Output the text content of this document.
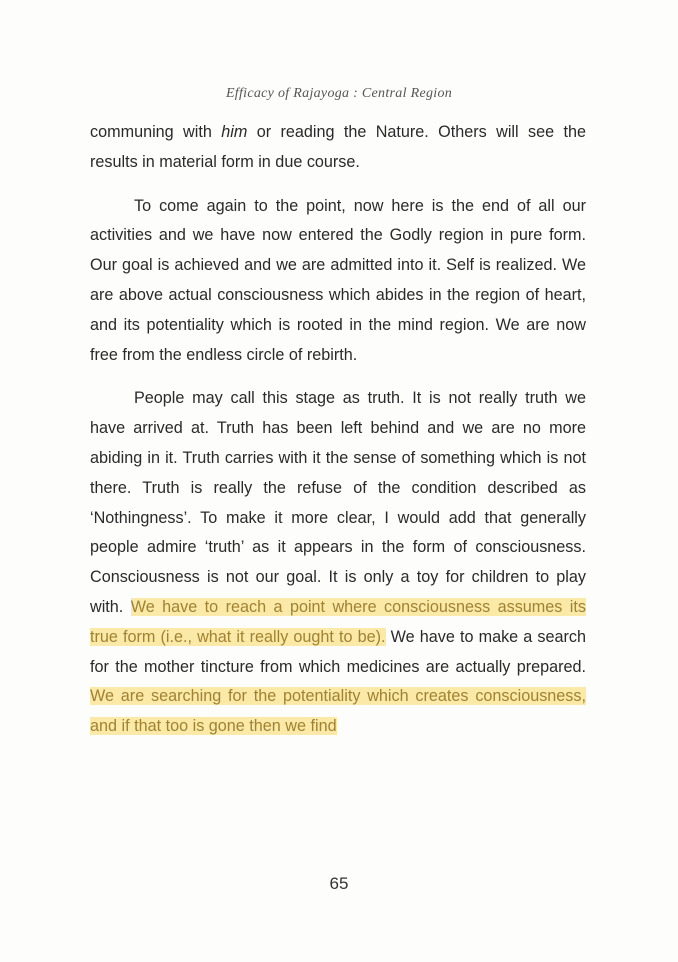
Efficacy of Rajayoga : Central Region

communing with him or reading the Nature. Others will see the results in material form in due course.

To come again to the point, now here is the end of all our activities and we have now entered the Godly region in pure form. Our goal is achieved and we are admitted into it. Self is realized. We are above actual consciousness which abides in the region of heart, and its potentiality which is rooted in the mind region. We are now free from the endless circle of rebirth.

People may call this stage as truth. It is not really truth we have arrived at. Truth has been left behind and we are no more abiding in it. Truth carries with it the sense of something which is not there. Truth is really the refuse of the condition described as ‘Nothingness’. To make it more clear, I would add that generally people admire ‘truth’ as it appears in the form of consciousness. Consciousness is not our goal. It is only a toy for children to play with. We have to reach a point where consciousness assumes its true form (i.e., what it really ought to be). We have to make a search for the mother tincture from which medicines are actually prepared. We are searching for the potentiality which creates consciousness, and if that too is gone then we find

65
